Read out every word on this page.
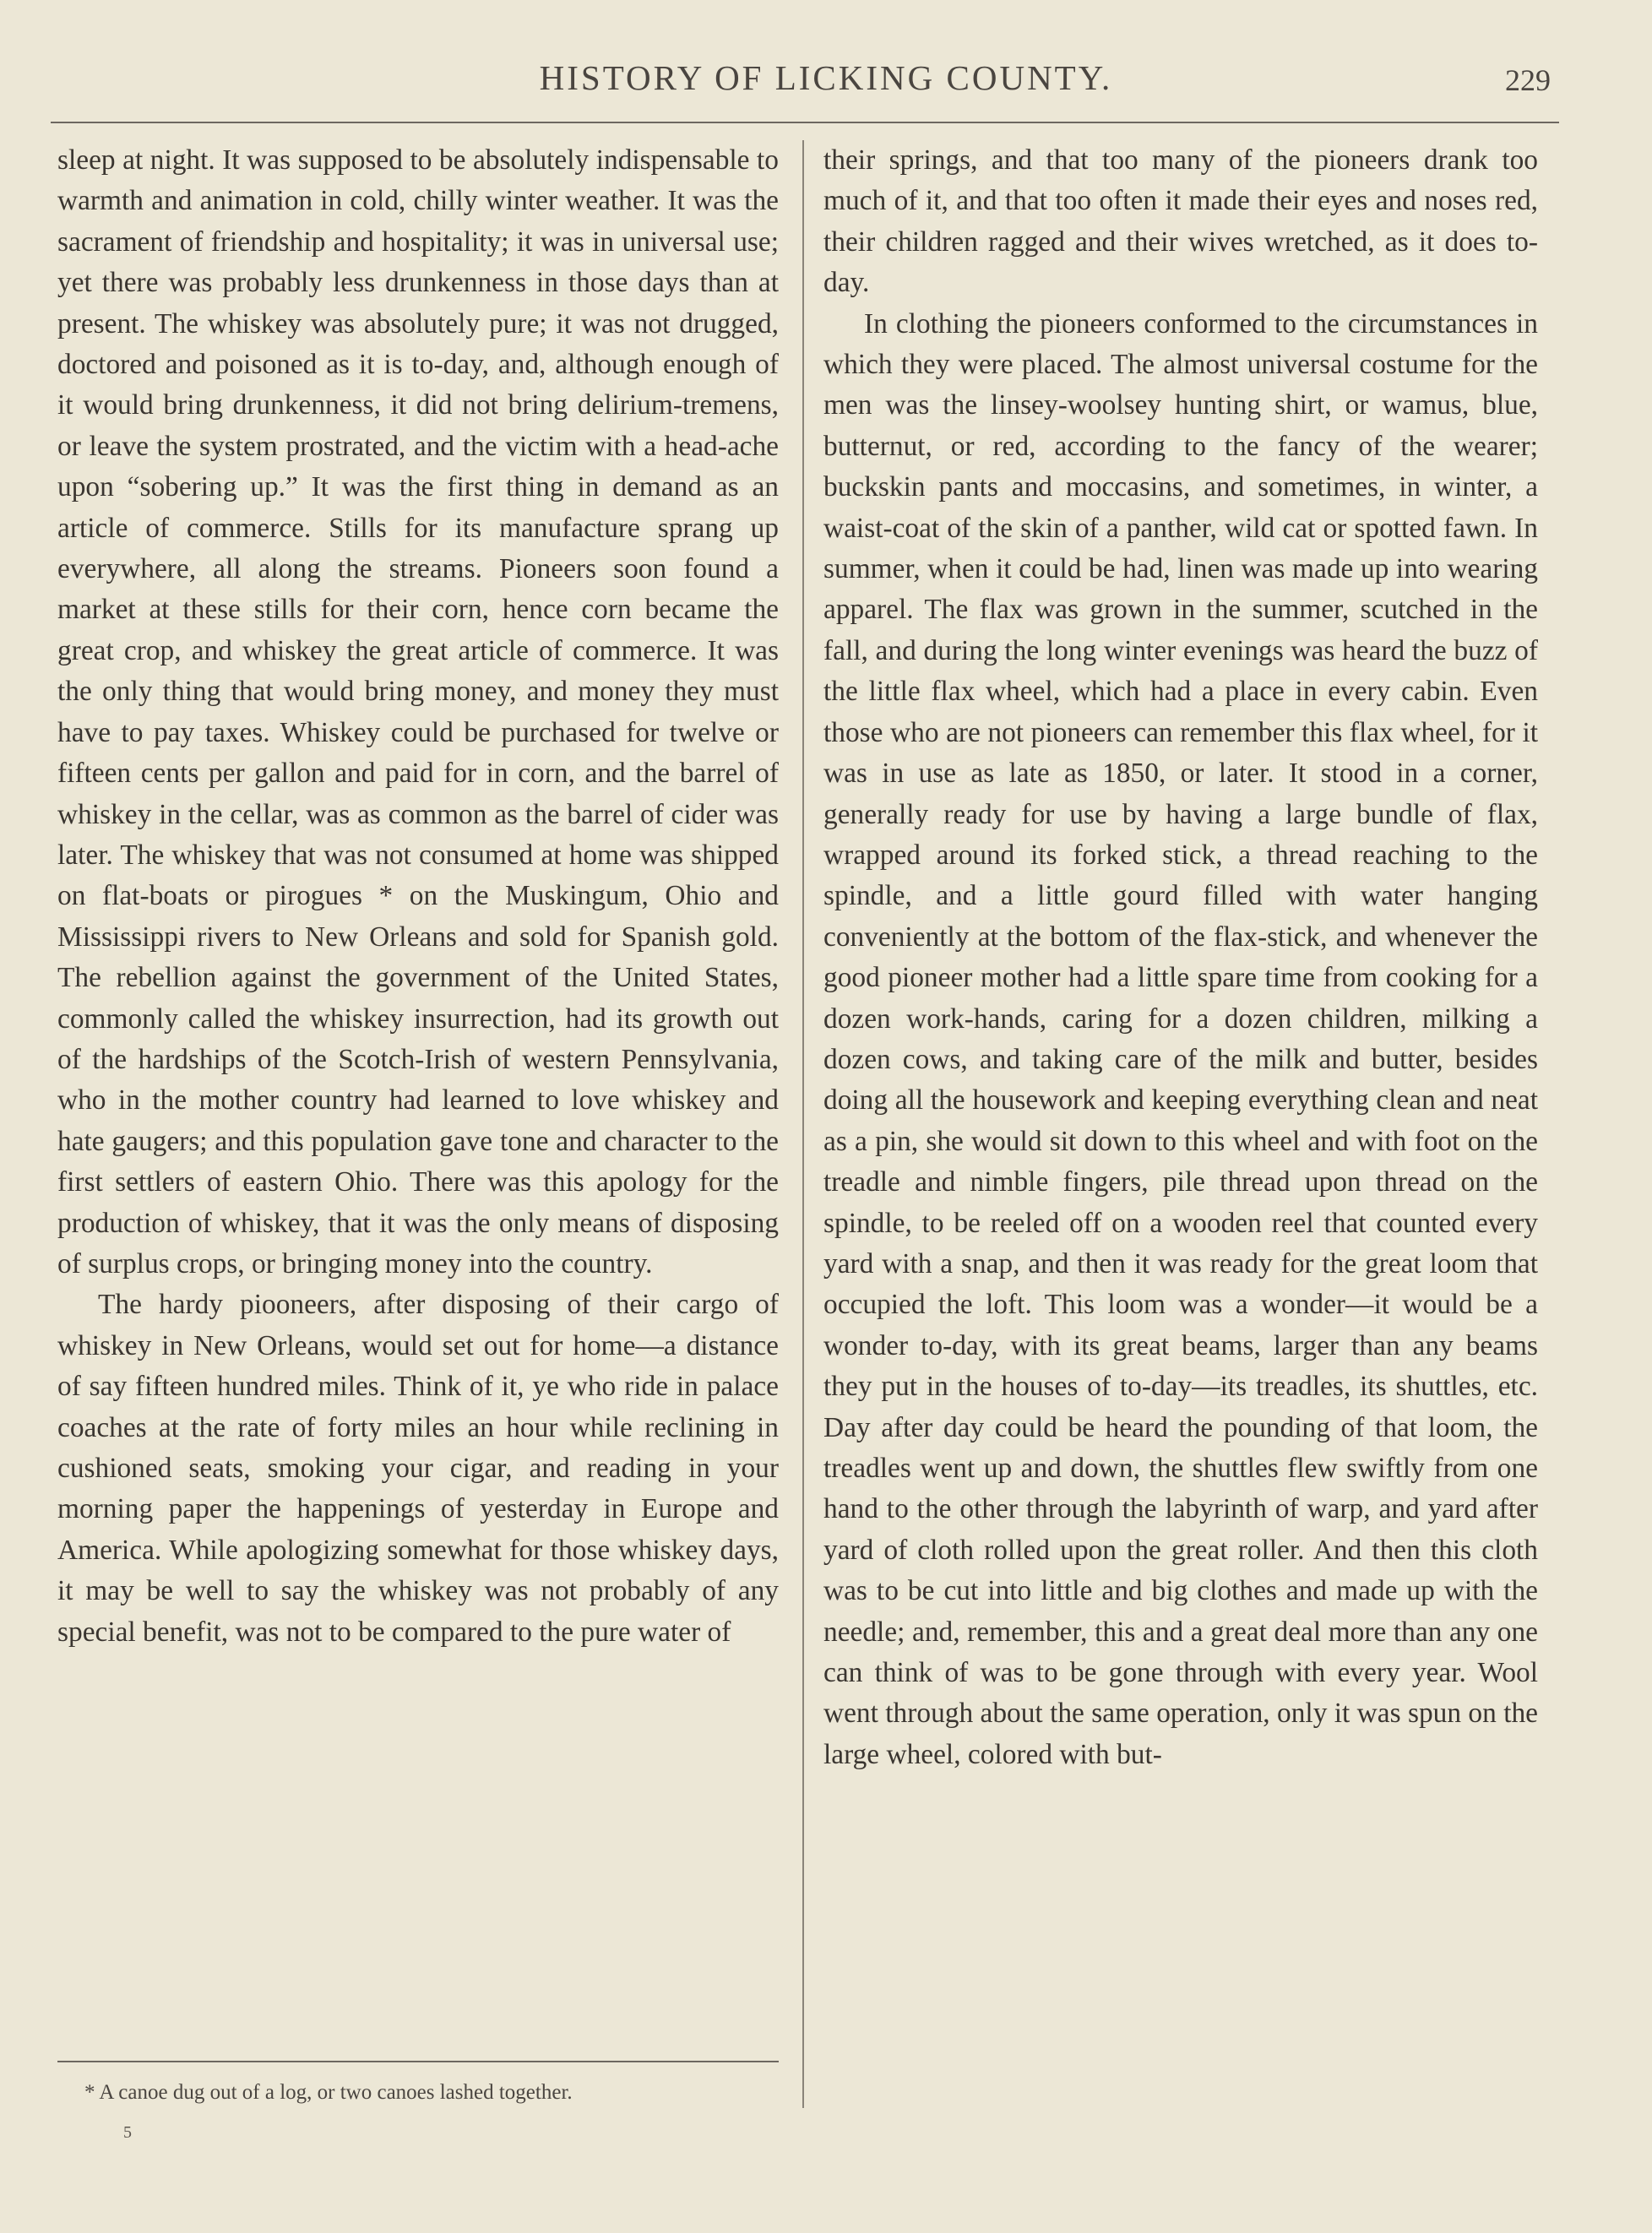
HISTORY OF LICKING COUNTY.	229

sleep at night. It was supposed to be absolutely indispensable to warmth and animation in cold, chilly winter weather. It was the sacrament of friendship and hospitality; it was in universal use; yet there was probably less drunkenness in those days than at present. The whiskey was absolutely pure; it was not drugged, doctored and poisoned as it is to-day, and, although enough of it would bring drunkenness, it did not bring delirium-tremens, or leave the system prostrated, and the victim with a head-ache upon “sobering up.” It was the first thing in demand as an article of commerce. Stills for its manufacture sprang up everywhere, all along the streams. Pioneers soon found a market at these stills for their corn, hence corn became the great crop, and whiskey the great article of commerce. It was the only thing that would bring money, and money they must have to pay taxes. Whiskey could be purchased for twelve or fifteen cents per gallon and paid for in corn, and the barrel of whiskey in the cellar, was as common as the barrel of cider was later. The whiskey that was not consumed at home was shipped on flat-boats or pirogues * on the Muskingum, Ohio and Mississippi rivers to New Orleans and sold for Spanish gold. The rebellion against the government of the United States, commonly called the whiskey insurrection, had its growth out of the hardships of the Scotch-Irish of western Pennsylvania, who in the mother country had learned to love whiskey and hate gaugers; and this population gave tone and character to the first settlers of eastern Ohio. There was this apology for the production of whiskey, that it was the only means of disposing of surplus crops, or bringing money into the country.

The hardy piooneers, after disposing of their cargo of whiskey in New Orleans, would set out for home—a distance of say fifteen hundred miles. Think of it, ye who ride in palace coaches at the rate of forty miles an hour while reclining in cushioned seats, smoking your cigar, and reading in your morning paper the happenings of yesterday in Europe and America. While apologizing somewhat for those whiskey days, it may be well to say the whiskey was not probably of any special benefit, was not to be compared to the pure water of

their springs, and that too many of the pioneers drank too much of it, and that too often it made their eyes and noses red, their children ragged and their wives wretched, as it does to-day.

In clothing the pioneers conformed to the circumstances in which they were placed. The almost universal costume for the men was the linsey-woolsey hunting shirt, or wamus, blue, butternut, or red, according to the fancy of the wearer; buckskin pants and moccasins, and sometimes, in winter, a waist-coat of the skin of a panther, wild cat or spotted fawn. In summer, when it could be had, linen was made up into wearing apparel. The flax was grown in the summer, scutched in the fall, and during the long winter evenings was heard the buzz of the little flax wheel, which had a place in every cabin. Even those who are not pioneers can remember this flax wheel, for it was in use as late as 1850, or later. It stood in a corner, generally ready for use by having a large bundle of flax, wrapped around its forked stick, a thread reaching to the spindle, and a little gourd filled with water hanging conveniently at the bottom of the flax-stick, and whenever the good pioneer mother had a little spare time from cooking for a dozen work-hands, caring for a dozen children, milking a dozen cows, and taking care of the milk and butter, besides doing all the housework and keeping everything clean and neat as a pin, she would sit down to this wheel and with foot on the treadle and nimble fingers, pile thread upon thread on the spindle, to be reeled off on a wooden reel that counted every yard with a snap, and then it was ready for the great loom that occupied the loft. This loom was a wonder—it would be a wonder to-day, with its great beams, larger than any beams they put in the houses of to-day—its treadles, its shuttles, etc. Day after day could be heard the pounding of that loom, the treadles went up and down, the shuttles flew swiftly from one hand to the other through the labyrinth of warp, and yard after yard of cloth rolled upon the great roller. And then this cloth was to be cut into little and big clothes and made up with the needle; and, remember, this and a great deal more than any one can think of was to be gone through with every year. Wool went through about the same operation, only it was spun on the large wheel, colored with but-

* A canoe dug out of a log, or two canoes lashed together.
5
